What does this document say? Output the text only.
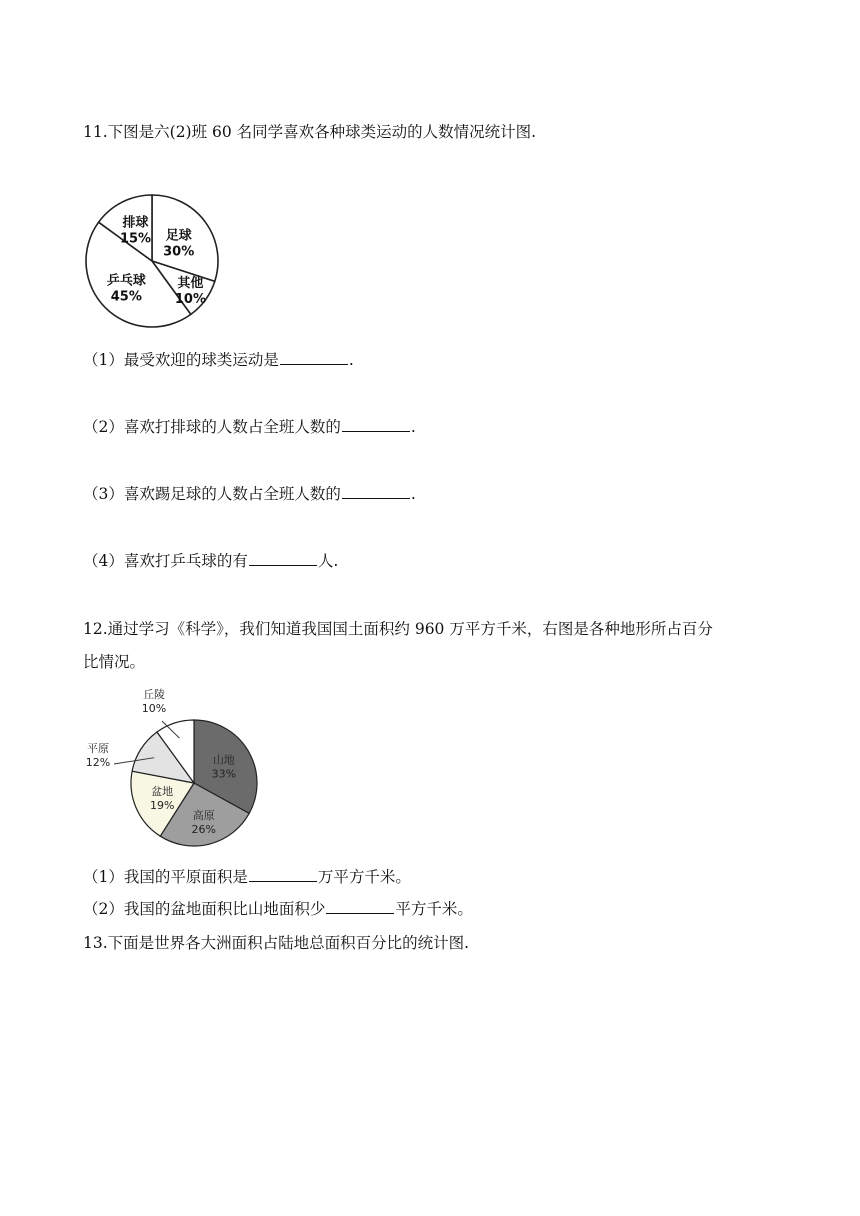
11.下图是六(2)班 60 名同学喜欢各种球类运动的人数情况统计图.
足球
30%
其他
10%
乒乓球
45%
排球
15%
（1）最受欢迎的球类运动是	.
（2）喜欢打排球的人数占全班人数的	.
（3）喜欢踢足球的人数占全班人数的	.
（4）喜欢打乒乓球的有	人.
12.通过学习《科学》，我们知道我国国土面积约 960 万平方千米，右图是各种地形所占百分
比情况。
山地
33%
高原
26%
盆地
19%
平原
12%
丘陵
10%
（1）我国的平原面积是	万平方千米。
（2）我国的盆地面积比山地面积少	平方千米。
13.下面是世界各大洲面积占陆地总面积百分比的统计图.
